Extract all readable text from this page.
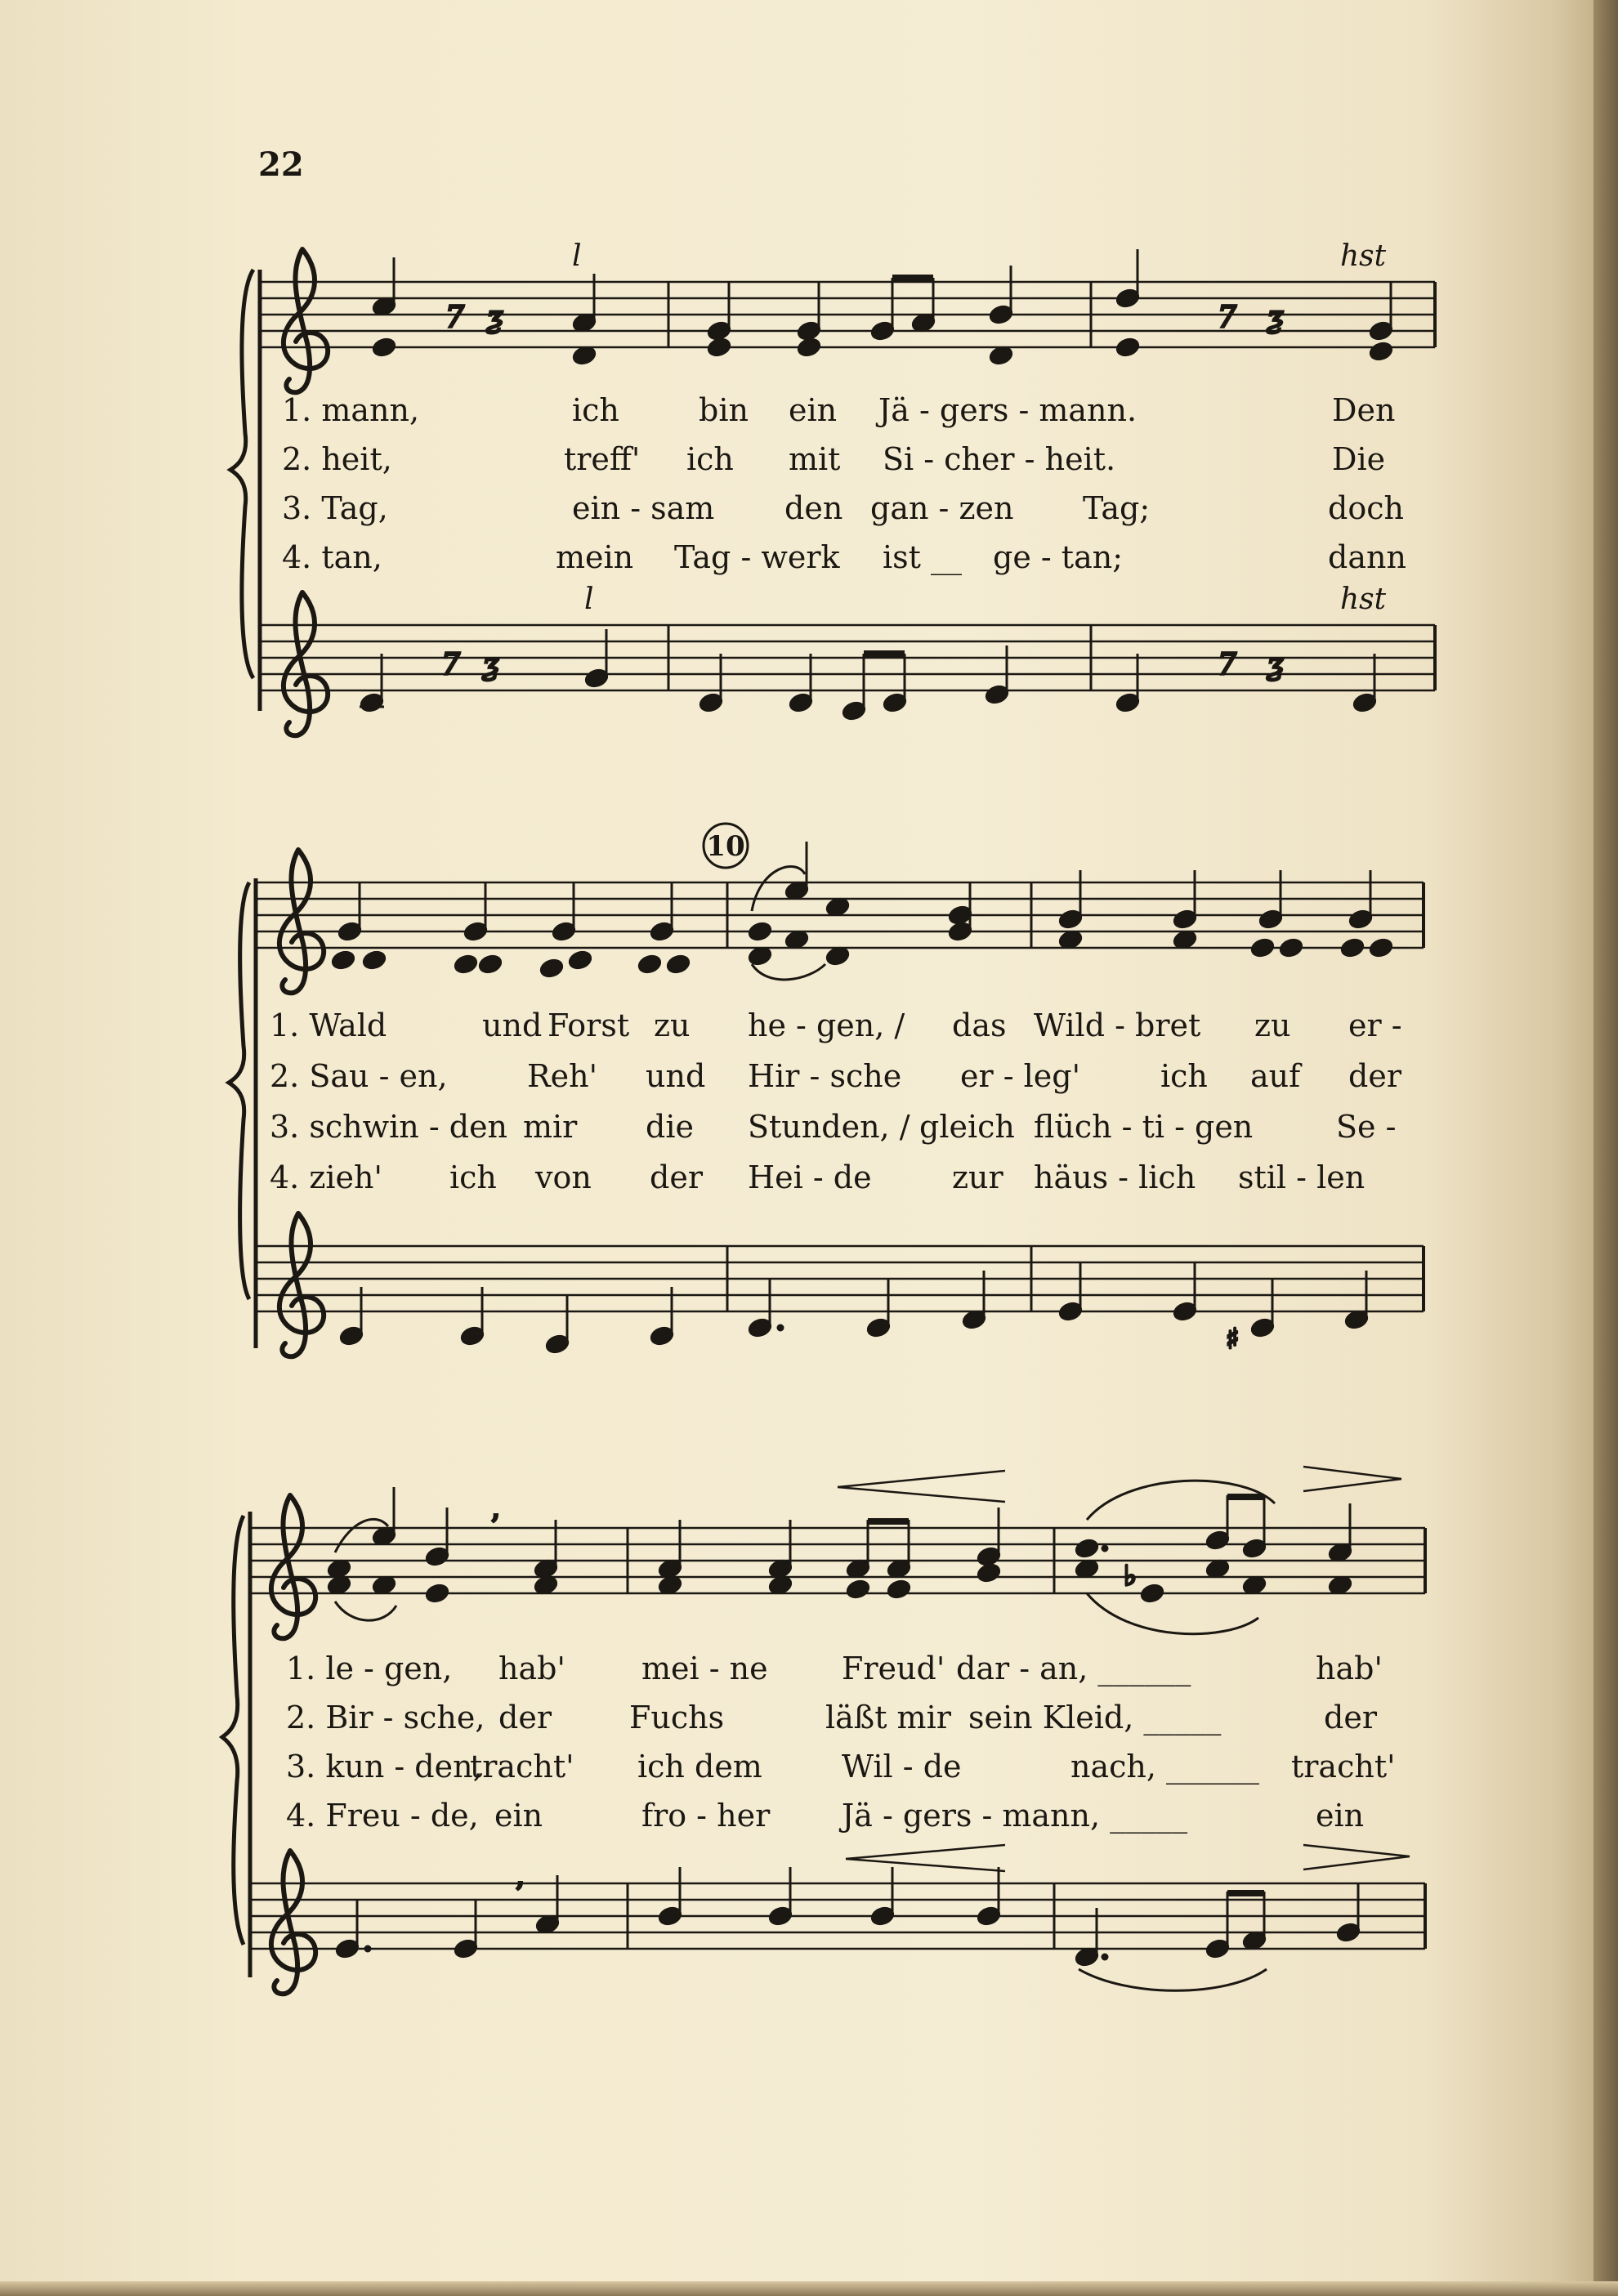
22
7 ƺ	7 ƺ
l	hst
1. mann,	ich	bin ein Jä - gers - mann.	Den
2. heit,	treff' ich mit Si - cher - heit.	Die
3. Tag,	ein - sam den gan - zen Tag;	doch
4. tan,	mein Tag - werk ist __ ge - tan;	dann
l	hst
7 ƺ	7 ƺ
10
1. Wald	und Forst zu he - gen, / das Wild - bret zu er -
2. Sau - en,	Reh' und Hir - sche er - leg'	ich auf der
3. schwin - den mir die Stunden, / gleich flüch - ti - gen	Se -
4. zieh' ich von der Hei - de	zur häus - lich stil - len
♯
’
♭
1. le - gen, hab' mei - ne Freud' dar - an, ______	hab'
2. Bir - sche, der	Fuchs	läßt mir sein Kleid, _____	der
3. kun - den,
tracht' ich dem	Wil - de	nach, ______ tracht'
4. Freu - de, ein	fro - her Jä - gers - mann, _____	ein
’
